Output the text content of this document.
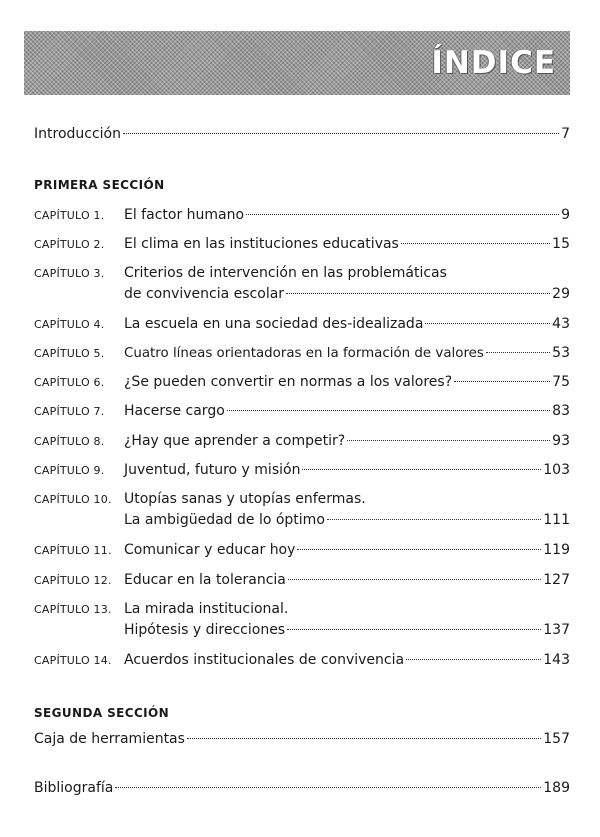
ÍNDICE
Introducción	7
PRIMERA SECCIÓN
CAPÍTULO 1.	El factor humano	9
CAPÍTULO 2.	El clima en las instituciones educativas	15
CAPÍTULO 3.	Criterios de intervención en las problemáticas
de convivencia escolar	29
CAPÍTULO 4.	La escuela en una sociedad des-idealizada	43
CAPÍTULO 5.	Cuatro líneas orientadoras en la formación de valores	53
CAPÍTULO 6.	¿Se pueden convertir en normas a los valores?	75
CAPÍTULO 7.	Hacerse cargo	83
CAPÍTULO 8.	¿Hay que aprender a competir?	93
CAPÍTULO 9.	Juventud, futuro y misión	103
CAPÍTULO 10. Utopías sanas y utopías enfermas.
La ambigüedad de lo óptimo	111
CAPÍTULO 11. Comunicar y educar hoy	119
CAPÍTULO 12. Educar en la tolerancia	127
CAPÍTULO 13. La mirada institucional.
Hipótesis y direcciones	137
CAPÍTULO 14. Acuerdos institucionales de convivencia	143
SEGUNDA SECCIÓN
Caja de herramientas	157
Bibliografía	189
